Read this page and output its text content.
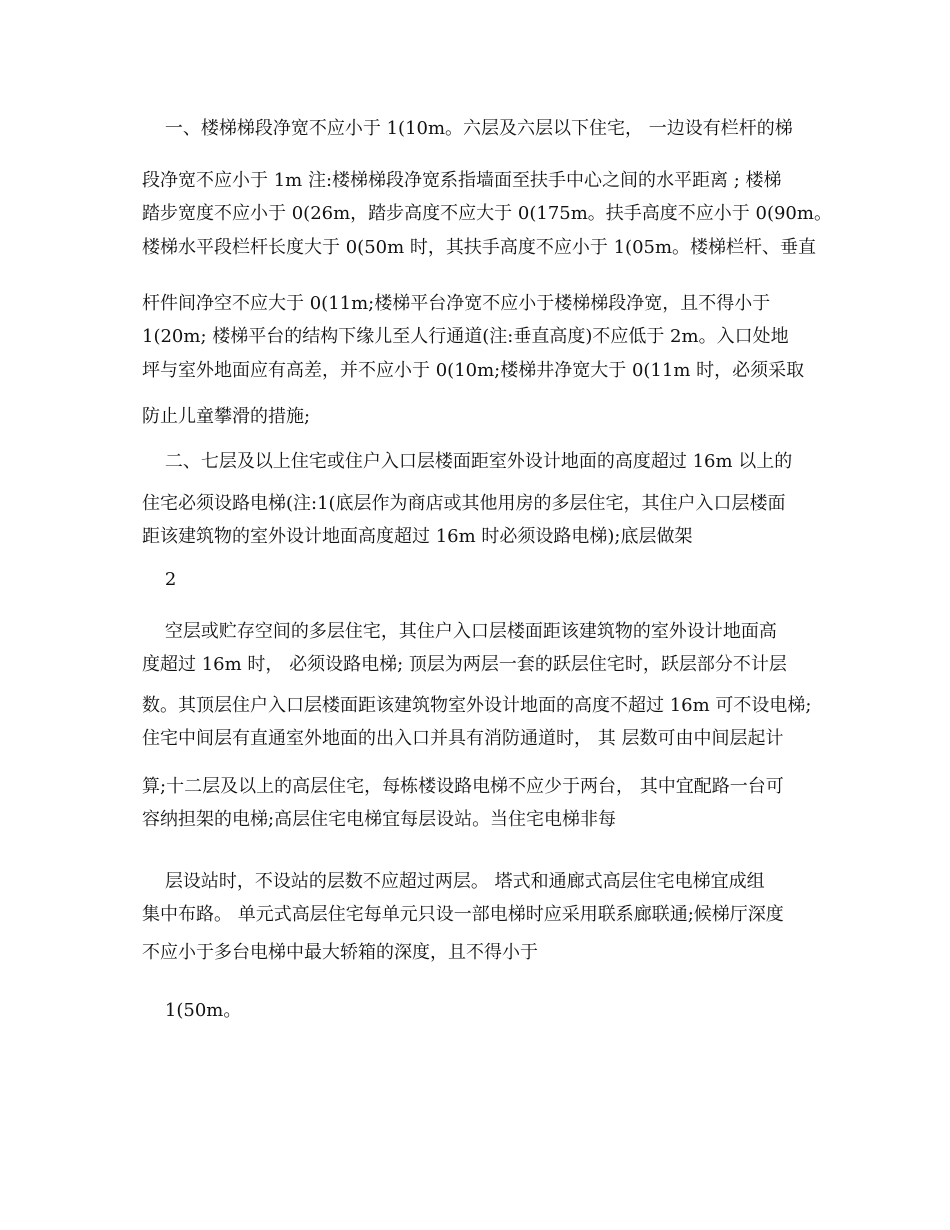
一、楼梯梯段净宽不应小于 1(10m。六层及六层以下住宅， 一边设有栏杆的梯
段净宽不应小于 1m 注:楼梯梯段净宽系指墙面至扶手中心之间的水平距离 ; 楼梯
踏步宽度不应小于 0(26m，踏步高度不应大于 0(175m。扶手高度不应小于 0(90m。
楼梯水平段栏杆长度大于 0(50m 时，其扶手高度不应小于 1(05m。楼梯栏杆、垂直
杆件间净空不应大于 0(11m;楼梯平台净宽不应小于楼梯梯段净宽，且不得小于
1(20m; 楼梯平台的结构下缘儿至人行通道(注:垂直高度)不应低于 2m。入口处地
坪与室外地面应有高差，并不应小于 0(10m;楼梯井净宽大于 0(11m 时，必须采取
防止儿童攀滑的措施;
二、七层及以上住宅或住户入口层楼面距室外设计地面的高度超过 16m 以上的
住宅必须设路电梯(注:1(底层作为商店或其他用房的多层住宅，其住户入口层楼面
距该建筑物的室外设计地面高度超过 16m 时必须设路电梯);底层做架
2
空层或贮存空间的多层住宅，其住户入口层楼面距该建筑物的室外设计地面高
度超过 16m 时， 必须设路电梯; 顶层为两层一套的跃层住宅时，跃层部分不计层
数。其顶层住户入口层楼面距该建筑物室外设计地面的高度不超过 16m 可不设电梯;
住宅中间层有直通室外地面的出入口并具有消防通道时， 其 层数可由中间层起计
算;十二层及以上的高层住宅，每栋楼设路电梯不应少于两台， 其中宜配路一台可
容纳担架的电梯;高层住宅电梯宜每层设站。当住宅电梯非每
层设站时，不设站的层数不应超过两层。 塔式和通廊式高层住宅电梯宜成组
集中布路。 单元式高层住宅每单元只设一部电梯时应采用联系廊联通;候梯厅深度
不应小于多台电梯中最大轿箱的深度，且不得小于
1(50m。
